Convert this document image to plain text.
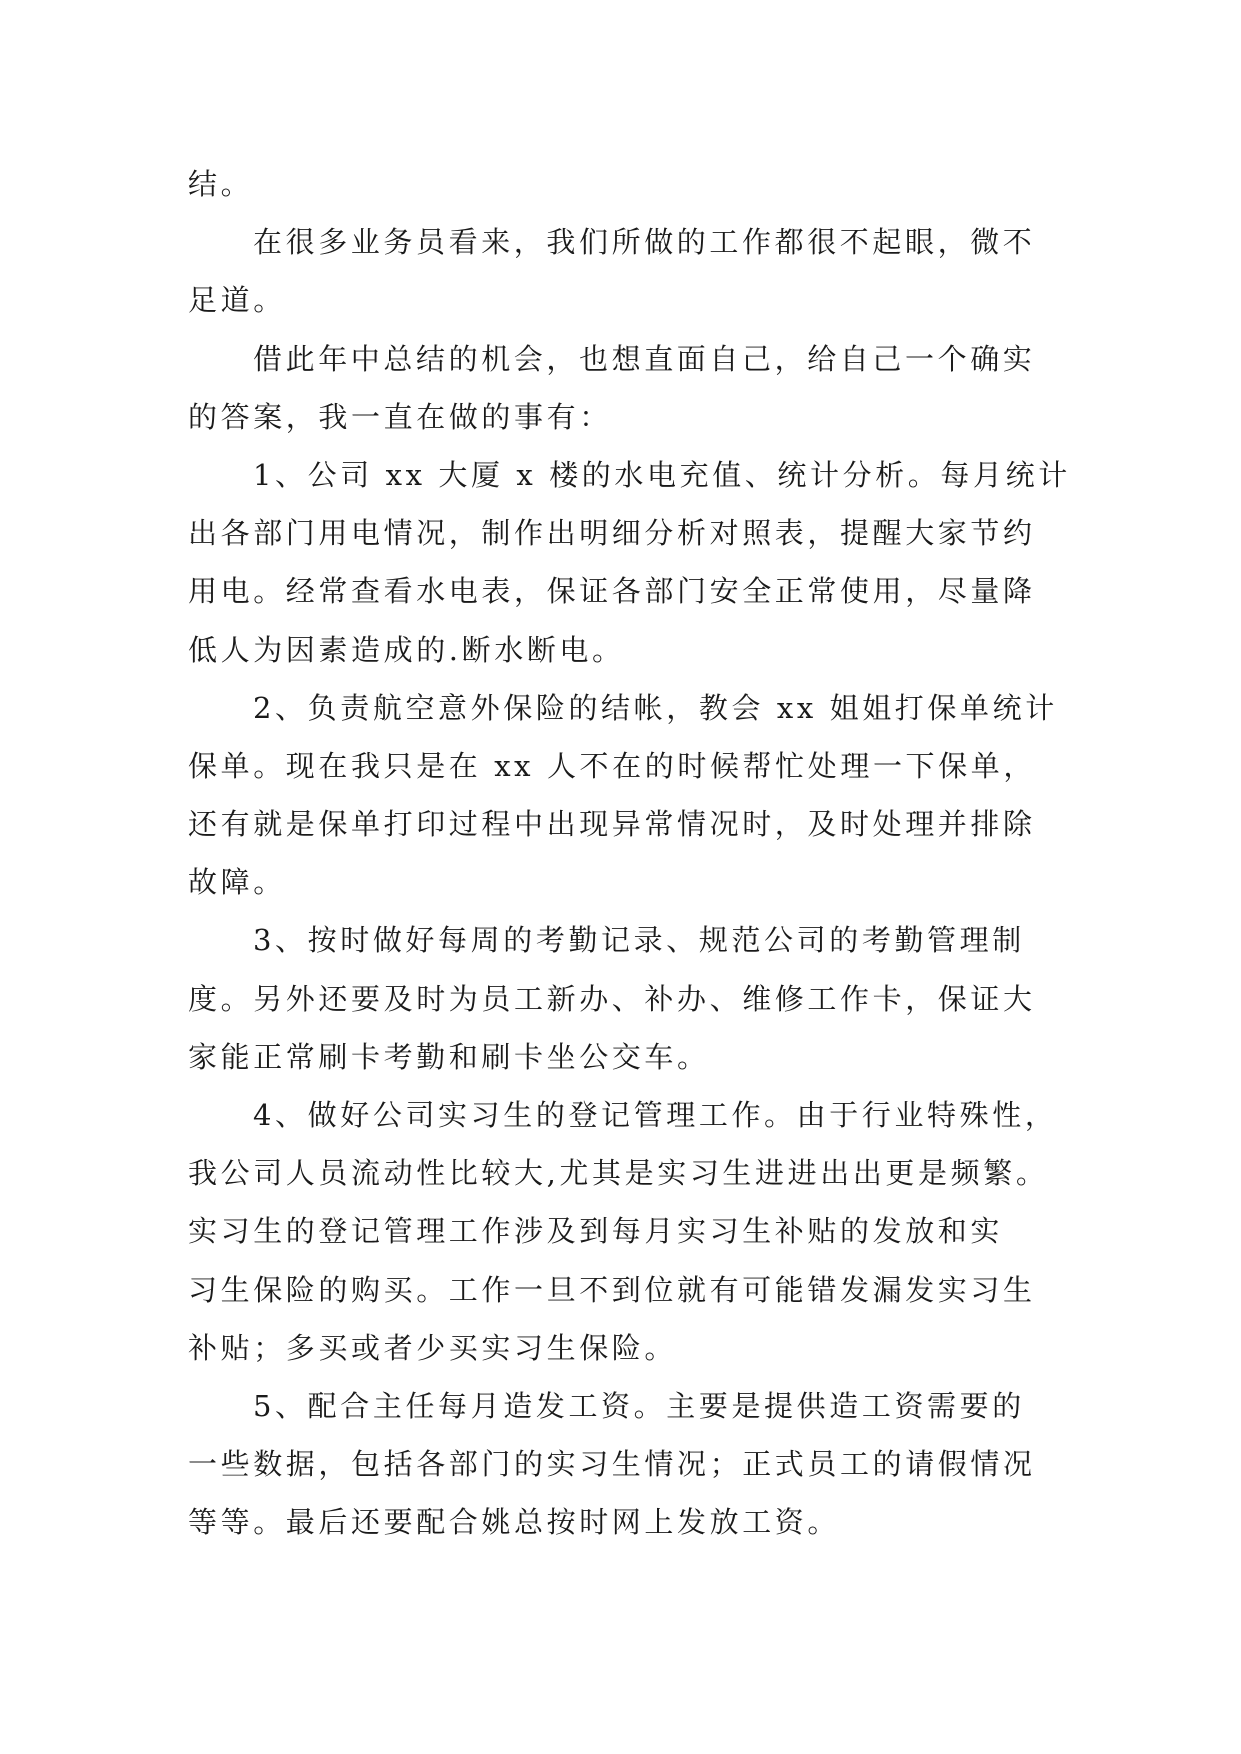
结。
在很多业务员看来，我们所做的工作都很不起眼，微不
足道。
借此年中总结的机会，也想直面自己，给自己一个确实
的答案，我一直在做的事有：
1、公司 xx 大厦 x 楼的水电充值、统计分析。每月统计
出各部门用电情况，制作出明细分析对照表，提醒大家节约
用电。经常查看水电表，保证各部门安全正常使用，尽量降
低人为因素造成的.断水断电。
2、负责航空意外保险的结帐，教会 xx 姐姐打保单统计
保单。现在我只是在 xx 人不在的时候帮忙处理一下保单，
还有就是保单打印过程中出现异常情况时，及时处理并排除
故障。
3、按时做好每周的考勤记录、规范公司的考勤管理制
度。另外还要及时为员工新办、补办、维修工作卡，保证大
家能正常刷卡考勤和刷卡坐公交车。
4、做好公司实习生的登记管理工作。由于行业特殊性，
我公司人员流动性比较大,尤其是实习生进进出出更是频繁。
实习生的登记管理工作涉及到每月实习生补贴的发放和实
习生保险的购买。工作一旦不到位就有可能错发漏发实习生
补贴；多买或者少买实习生保险。
5、配合主任每月造发工资。主要是提供造工资需要的
一些数据，包括各部门的实习生情况；正式员工的请假情况
等等。最后还要配合姚总按时网上发放工资。
